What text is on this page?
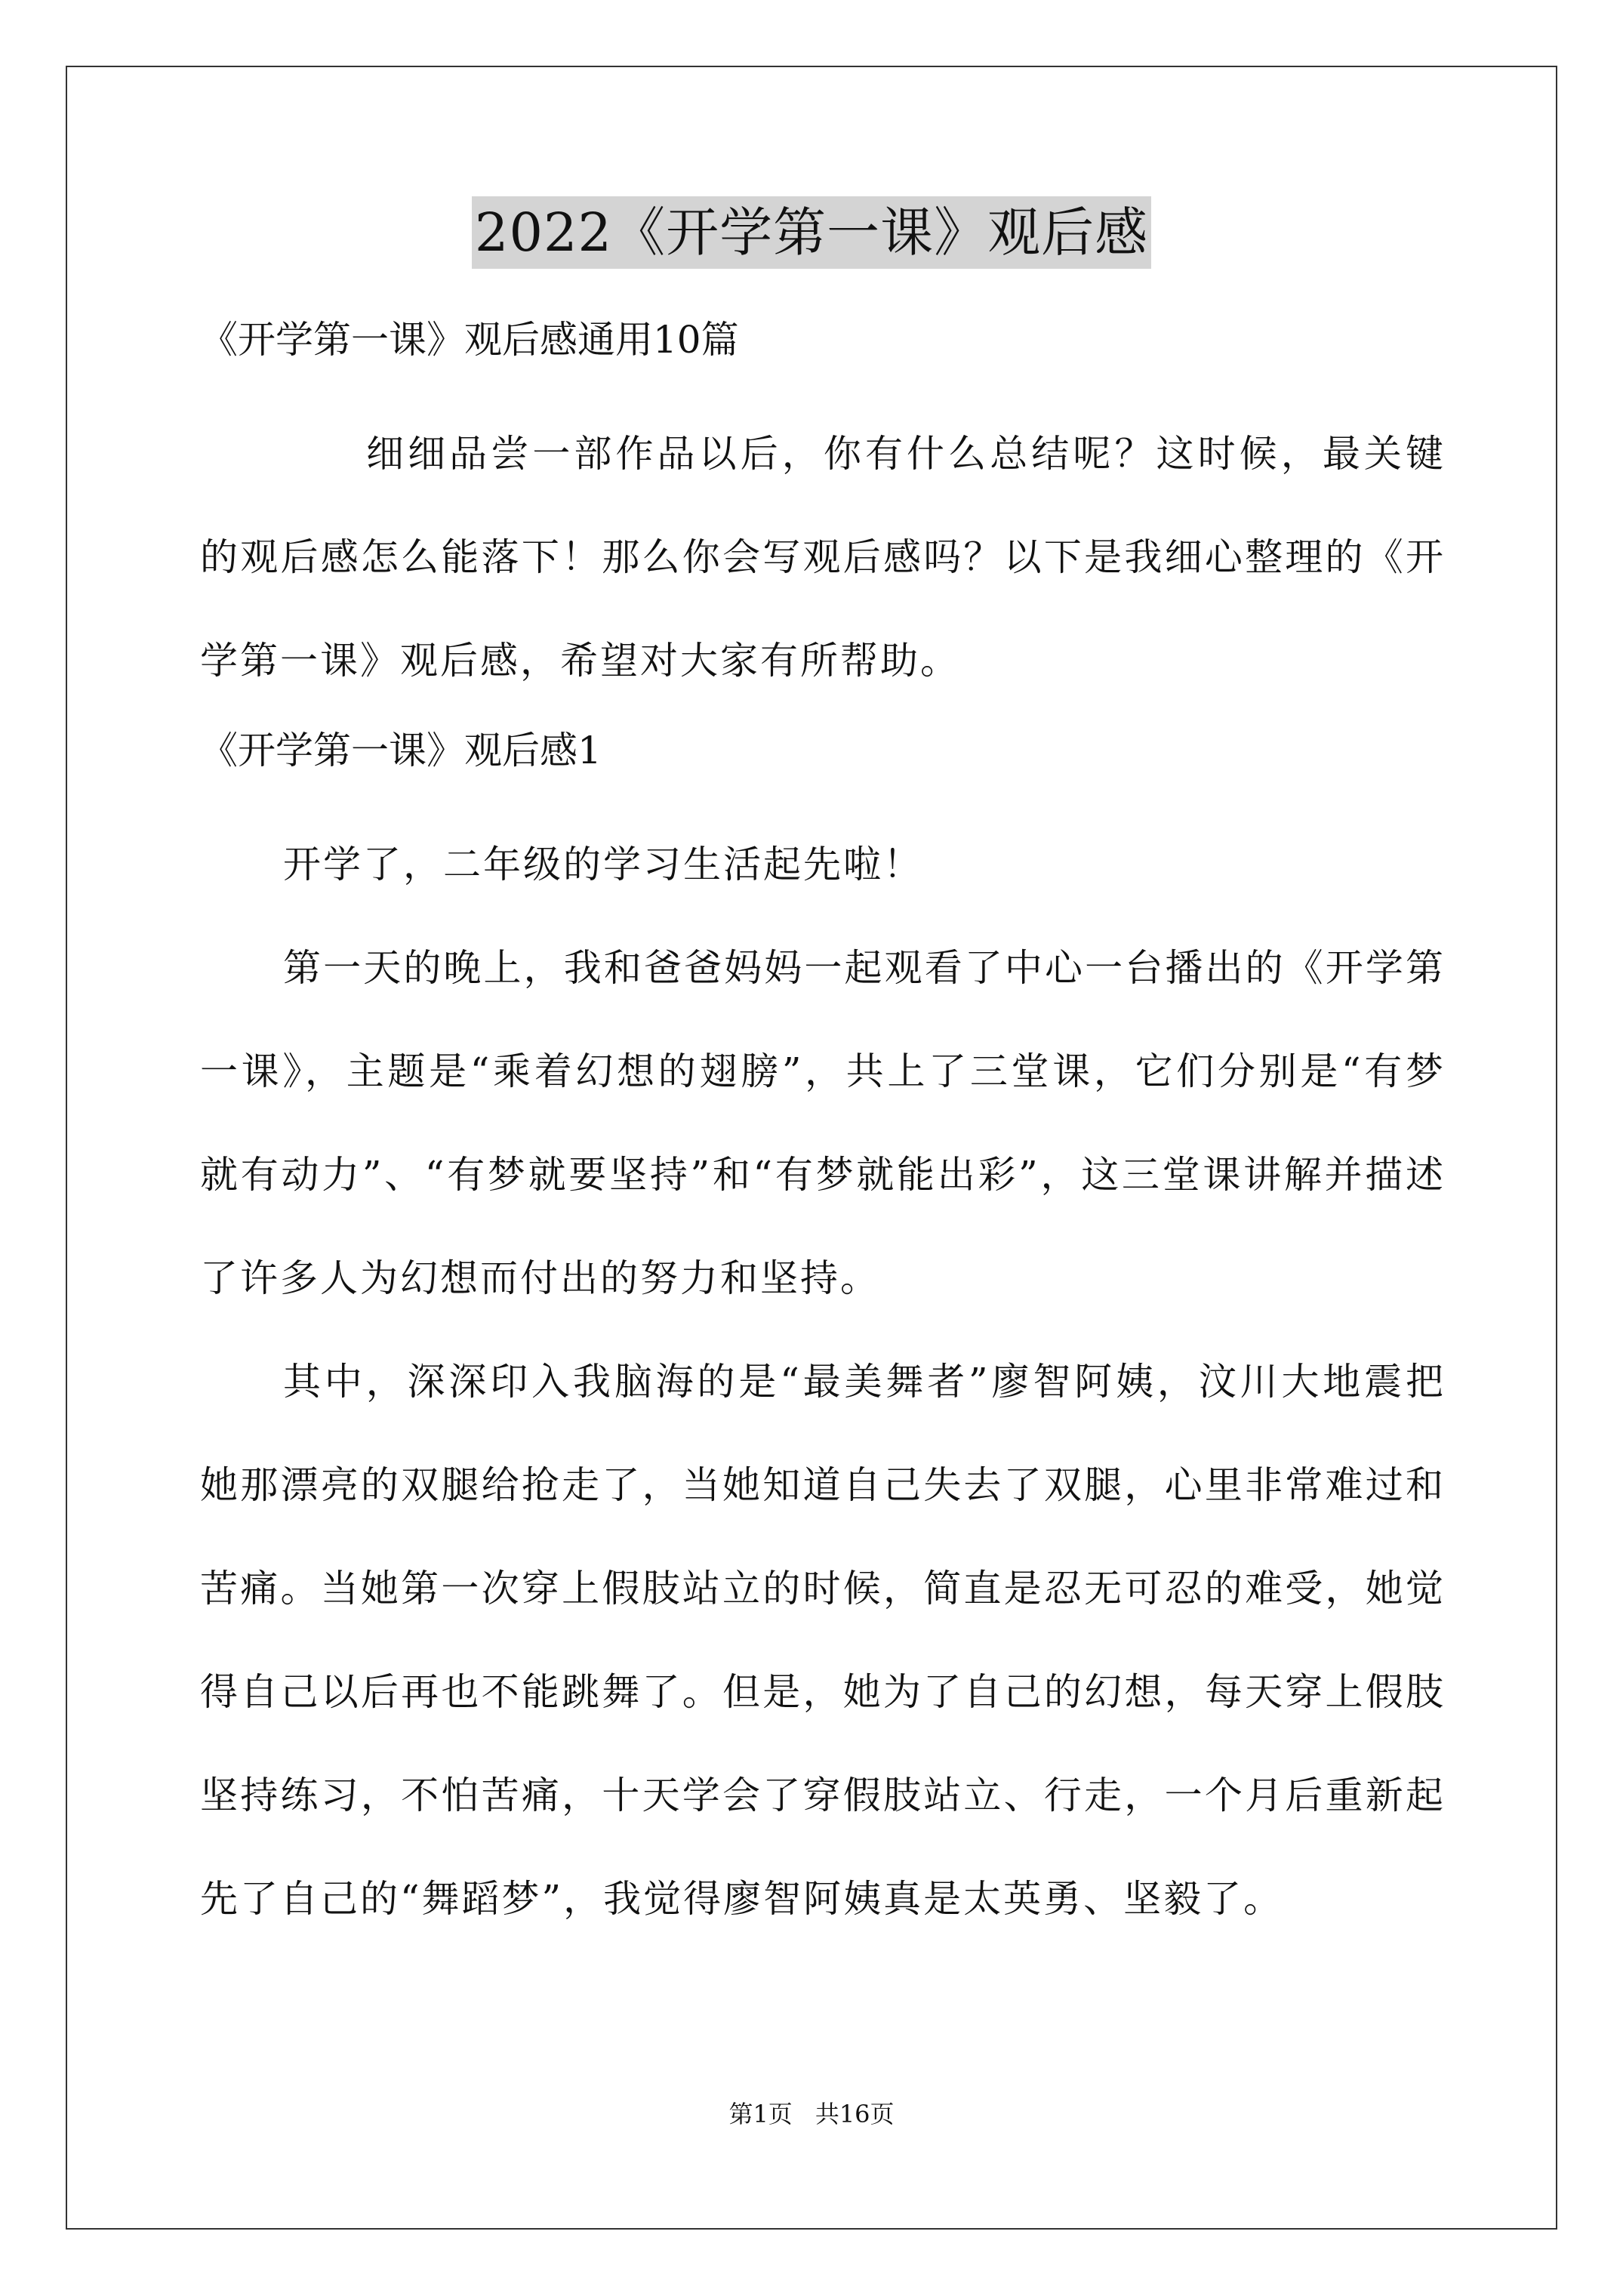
2022《开学第一课》观后感

《开学第一课》观后感通用10篇

细细品尝一部作品以后，你有什么总结呢？这时候，最关键的观后感怎么能落下！那么你会写观后感吗？以下是我细心整理的《开学第一课》观后感，希望对大家有所帮助。

《开学第一课》观后感1

开学了，二年级的学习生活起先啦！

第一天的晚上，我和爸爸妈妈一起观看了中心一台播出的《开学第一课》，主题是“乘着幻想的翅膀”，共上了三堂课，它们分别是“有梦就有动力”、“有梦就要坚持”和“有梦就能出彩”，这三堂课讲解并描述了许多人为幻想而付出的努力和坚持。

其中，深深印入我脑海的是“最美舞者”廖智阿姨，汶川大地震把她那漂亮的双腿给抢走了，当她知道自己失去了双腿，心里非常难过和苦痛。当她第一次穿上假肢站立的时候，简直是忍无可忍的难受，她觉得自己以后再也不能跳舞了。但是，她为了自己的幻想，每天穿上假肢坚持练习，不怕苦痛，十天学会了穿假肢站立、行走，一个月后重新起先了自己的“舞蹈梦”，我觉得廖智阿姨真是太英勇、坚毅了。

第1页 共16页
